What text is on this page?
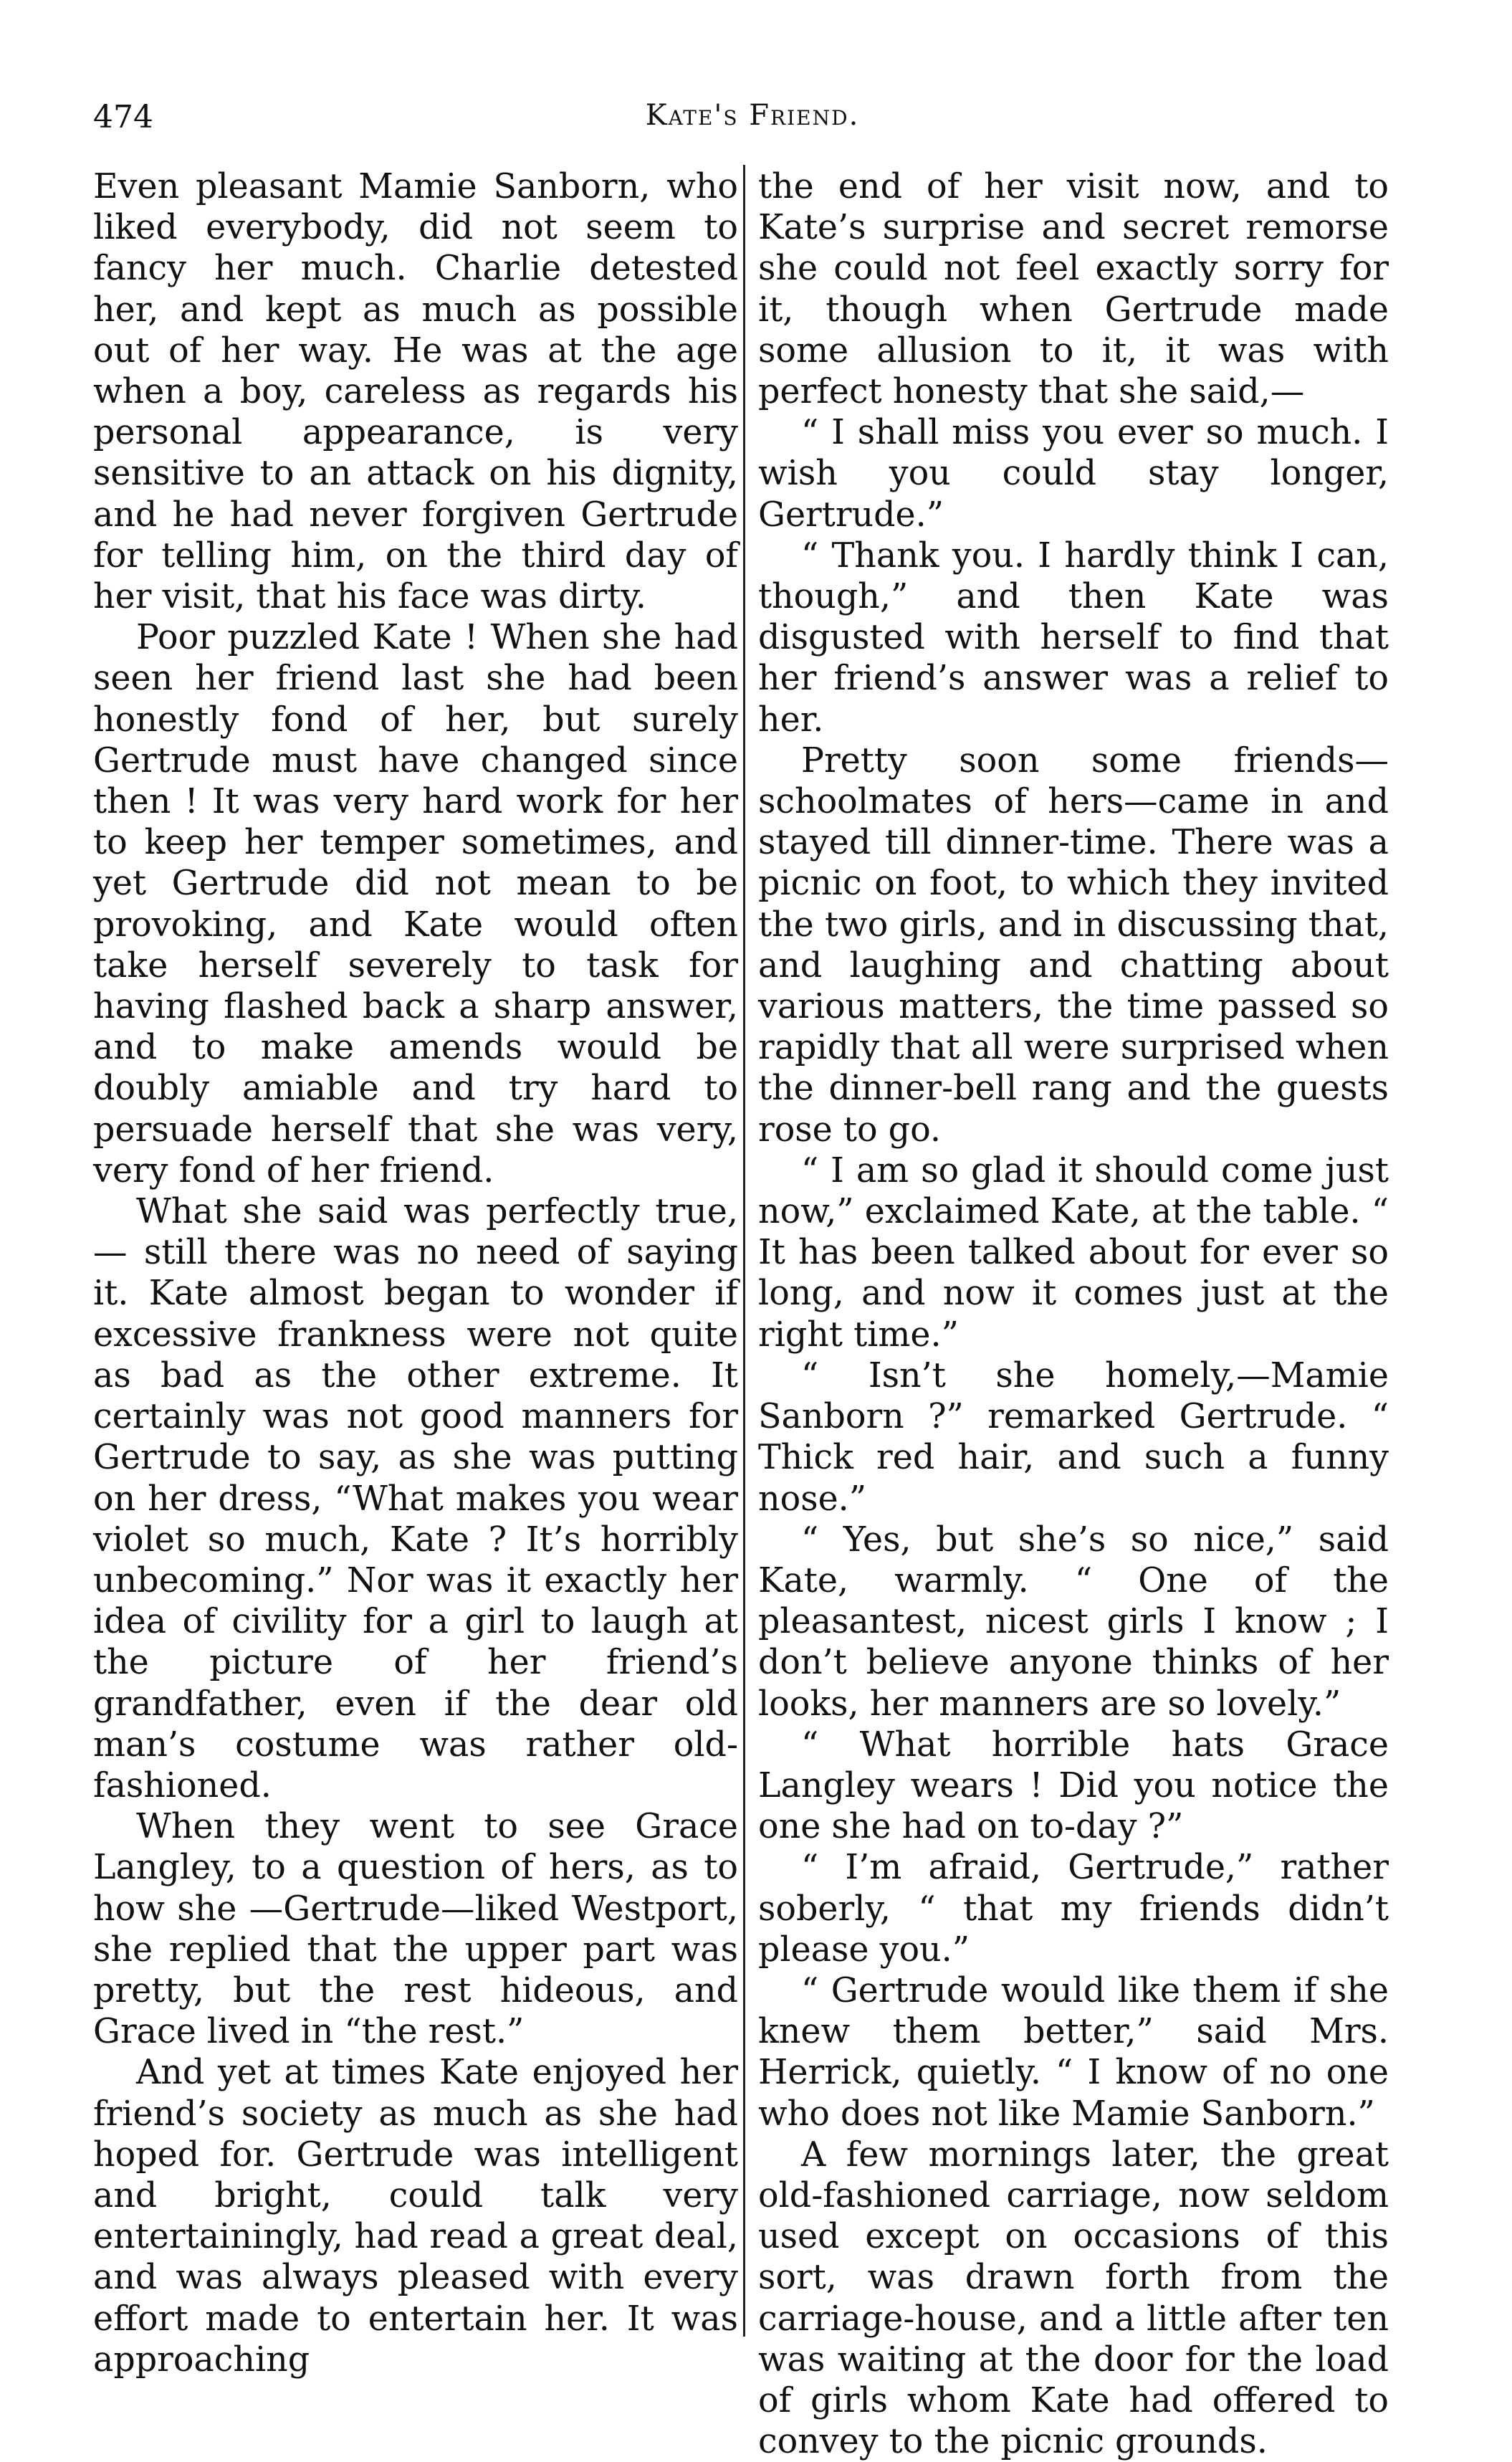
474	Kate's Friend.

Even pleasant Mamie Sanborn, who liked everybody, did not seem to fancy her much. Charlie detested her, and kept as much as possible out of her way. He was at the age when a boy, careless as regards his personal appearance, is very sensitive to an attack on his dignity, and he had never forgiven Gertrude for telling him, on the third day of her visit, that his face was dirty.

Poor puzzled Kate ! When she had seen her friend last she had been honestly fond of her, but surely Gertrude must have changed since then ! It was very hard work for her to keep her temper sometimes, and yet Gertrude did not mean to be provoking, and Kate would often take herself severely to task for having flashed back a sharp answer, and to make amends would be doubly amiable and try hard to persuade herself that she was very, very fond of her friend.

What she said was perfectly true,— still there was no need of saying it. Kate almost began to wonder if excessive frankness were not quite as bad as the other extreme. It certainly was not good manners for Gertrude to say, as she was putting on her dress, “What makes you wear violet so much, Kate ? It’s horribly unbecoming.” Nor was it exactly her idea of civility for a girl to laugh at the picture of her friend’s grandfather, even if the dear old man’s costume was rather old-fashioned.

When they went to see Grace Langley, to a question of hers, as to how she —Gertrude—liked Westport, she replied that the upper part was pretty, but the rest hideous, and Grace lived in “the rest.”

And yet at times Kate enjoyed her friend’s society as much as she had hoped for. Gertrude was intelligent and bright, could talk very entertainingly, had read a great deal, and was always pleased with every effort made to entertain her. It was approaching

the end of her visit now, and to Kate’s surprise and secret remorse she could not feel exactly sorry for it, though when Gertrude made some allusion to it, it was with perfect honesty that she said,—

“ I shall miss you ever so much. I wish you could stay longer, Gertrude.”

“ Thank you. I hardly think I can, though,” and then Kate was disgusted with herself to find that her friend’s answer was a relief to her.

Pretty soon some friends—schoolmates of hers—came in and stayed till dinner-time. There was a picnic on foot, to which they invited the two girls, and in discussing that, and laughing and chatting about various matters, the time passed so rapidly that all were surprised when the dinner-bell rang and the guests rose to go.

“ I am so glad it should come just now,” exclaimed Kate, at the table. “ It has been talked about for ever so long, and now it comes just at the right time.”

“ Isn’t she homely,—Mamie Sanborn ?” remarked Gertrude. “ Thick red hair, and such a funny nose.”

“ Yes, but she’s so nice,” said Kate, warmly. “ One of the pleasantest, nicest girls I know ; I don’t believe anyone thinks of her looks, her manners are so lovely.”

“ What horrible hats Grace Langley wears ! Did you notice the one she had on to-day ?”

“ I’m afraid, Gertrude,” rather soberly, “ that my friends didn’t please you.”

“ Gertrude would like them if she knew them better,” said Mrs. Herrick, quietly. “ I know of no one who does not like Mamie Sanborn.”

A few mornings later, the great old-fashioned carriage, now seldom used except on occasions of this sort, was drawn forth from the carriage-house, and a little after ten was waiting at the door for the load of girls whom Kate had offered to convey to the picnic grounds.
